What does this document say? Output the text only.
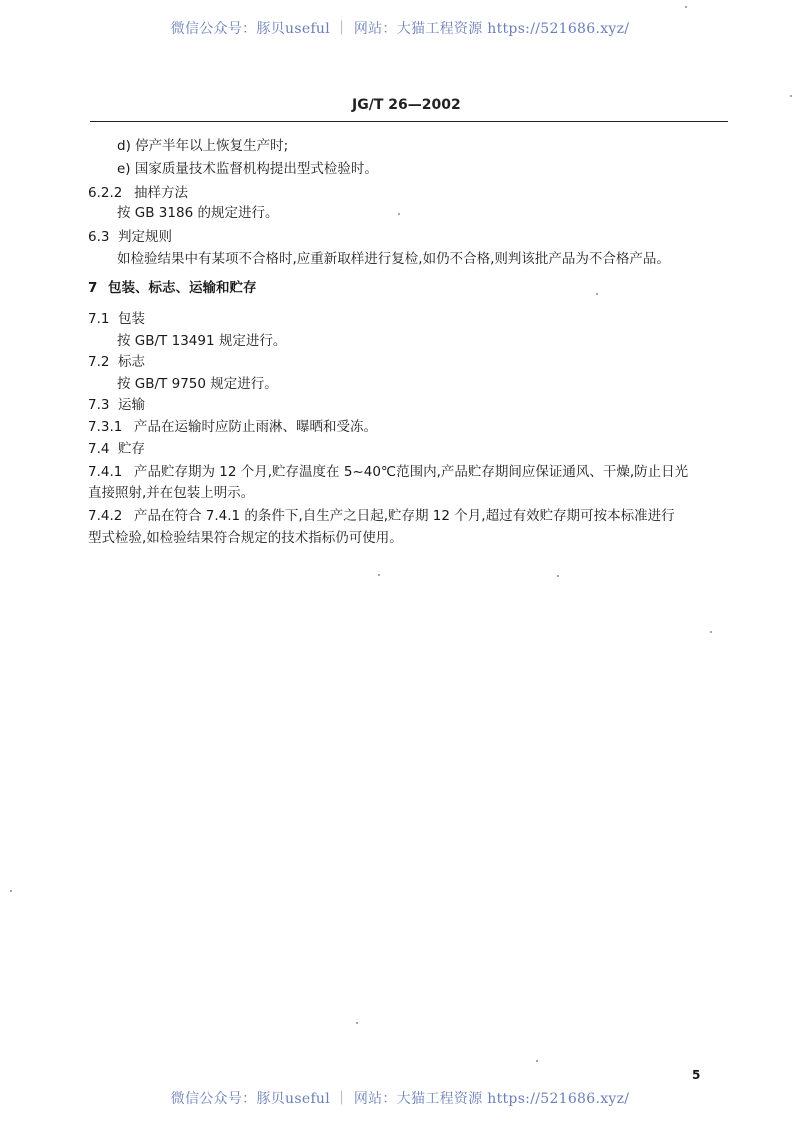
微信公众号：豚贝useful ｜ 网站：大猫工程资源 https://521686.xyz/
JG/T 26—2002
d) 停产半年以上恢复生产时;
e) 国家质量技术监督机构提出型式检验时。
6.2.2 抽样方法
按 GB 3186 的规定进行。
6.3 判定规则
如检验结果中有某项不合格时,应重新取样进行复检,如仍不合格,则判该批产品为不合格产品。
7 包装、标志、运输和贮存
7.1 包装
按 GB/T 13491 规定进行。
7.2 标志
按 GB/T 9750 规定进行。
7.3 运输
7.3.1 产品在运输时应防止雨淋、曝晒和受冻。
7.4 贮存
7.4.1 产品贮存期为 12 个月,贮存温度在 5~40℃范围内,产品贮存期间应保证通风、干燥,防止日光
直接照射,并在包装上明示。
7.4.2 产品在符合 7.4.1 的条件下,自生产之日起,贮存期 12 个月,超过有效贮存期可按本标准进行
型式检验,如检验结果符合规定的技术指标仍可使用。
5
微信公众号：豚贝useful ｜ 网站：大猫工程资源 https://521686.xyz/
